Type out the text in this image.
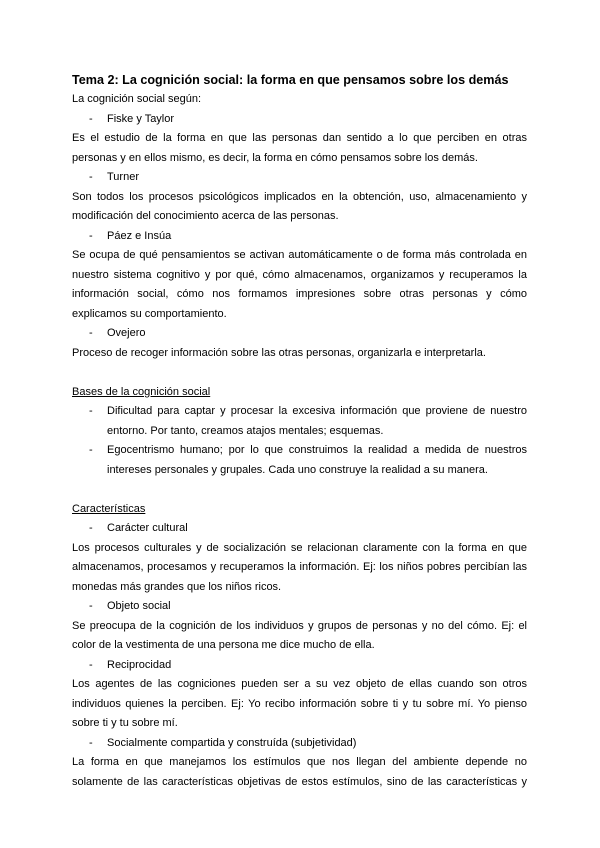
Tema 2: La cognición social: la forma en que pensamos sobre los demás

La cognición social según:

- Fiske y Taylor

Es el estudio de la forma en que las personas dan sentido a lo que perciben en otras personas y en ellos mismo, es decir, la forma en cómo pensamos sobre los demás.

- Turner

Son todos los procesos psicológicos implicados en la obtención, uso, almacenamiento y modificación del conocimiento acerca de las personas.

- Páez e Insúa

Se ocupa de qué pensamientos se activan automáticamente o de forma más controlada en nuestro sistema cognitivo y por qué, cómo almacenamos, organizamos y recuperamos la información social, cómo nos formamos impresiones sobre otras personas y cómo explicamos su comportamiento.

- Ovejero

Proceso de recoger información sobre las otras personas, organizarla e interpretarla.

Bases de la cognición social
- Dificultad para captar y procesar la excesiva información que proviene de nuestro entorno. Por tanto, creamos atajos mentales; esquemas.
- Egocentrismo humano; por lo que construimos la realidad a medida de nuestros intereses personales y grupales. Cada uno construye la realidad a su manera.
Características
- Carácter cultural

Los procesos culturales y de socialización se relacionan claramente con la forma en que almacenamos, procesamos y recuperamos la información. Ej: los niños pobres percibían las monedas más grandes que los niños ricos.

- Objeto social

Se preocupa de la cognición de los individuos y grupos de personas y no del cómo. Ej: el color de la vestimenta de una persona me dice mucho de ella.

- Reciprocidad

Los agentes de las cogniciones pueden ser a su vez objeto de ellas cuando son otros individuos quienes la perciben. Ej: Yo recibo información sobre ti y tu sobre mí. Yo pienso sobre ti y tu sobre mí.

- Socialmente compartida y construída (subjetividad)

La forma en que manejamos los estímulos que nos llegan del ambiente depende no solamente de las características objetivas de estos estímulos, sino de las características y
